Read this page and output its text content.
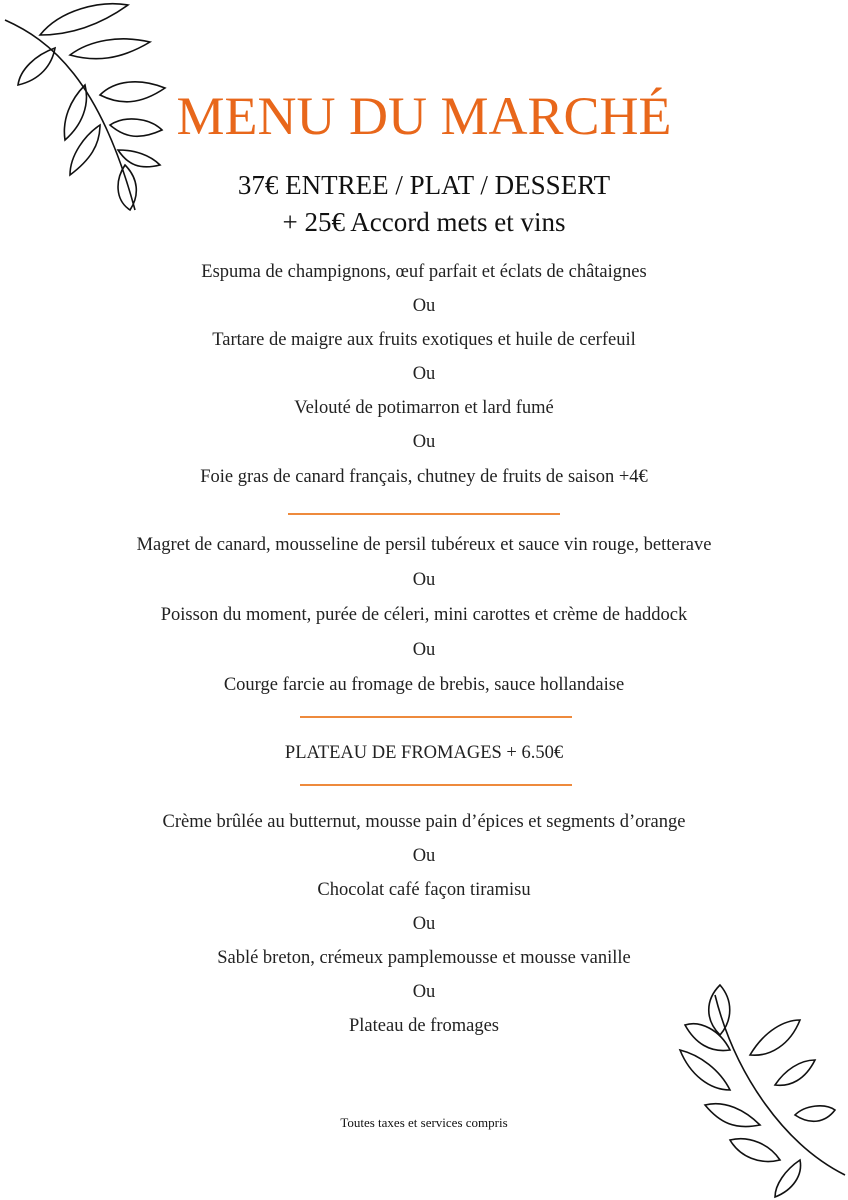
MENU DU MARCHÉ
37€ ENTREE / PLAT / DESSERT
+ 25€ Accord mets et vins
Espuma de champignons, œuf parfait et éclats de châtaignes
Ou
Tartare de maigre aux fruits exotiques et huile de cerfeuil
Ou
Velouté de potimarron et lard fumé
Ou
Foie gras de canard français, chutney de fruits de saison +4€
Magret de canard, mousseline de persil tubéreux et sauce vin rouge, betterave
Ou
Poisson du moment, purée de céleri, mini carottes et crème de haddock
Ou
Courge farcie au fromage de brebis, sauce hollandaise
PLATEAU DE FROMAGES + 6.50€
Crème brûlée au butternut, mousse pain d’épices et segments d’orange
Ou
Chocolat café façon tiramisu
Ou
Sablé breton, crémeux pamplemousse et mousse vanille
Ou
Plateau de fromages
Toutes taxes et services compris
